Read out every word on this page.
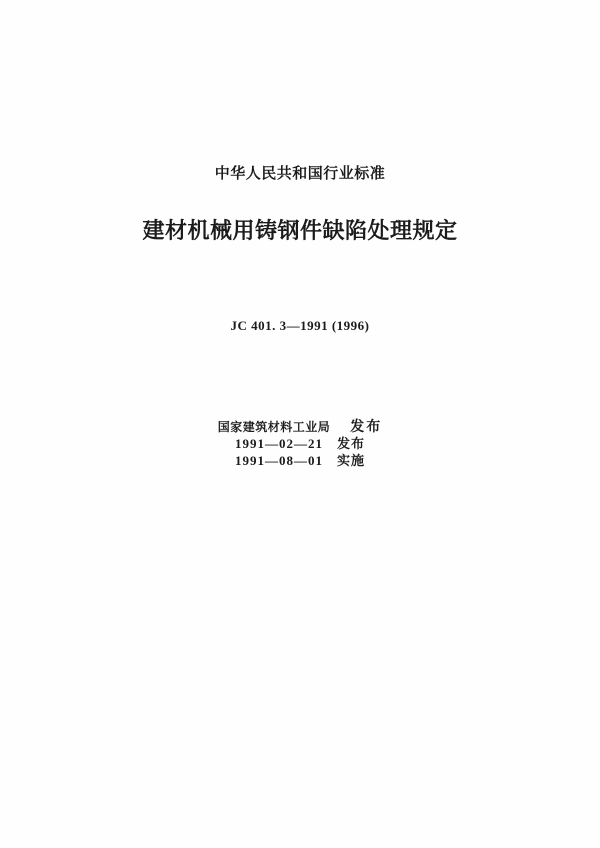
中华人民共和国行业标准
建材机械用铸钢件缺陷处理规定
JC 401. 3—1991 (1996)
国家建筑材料工业局 发布
1991—02—21 发布
1991—08—01 实施
